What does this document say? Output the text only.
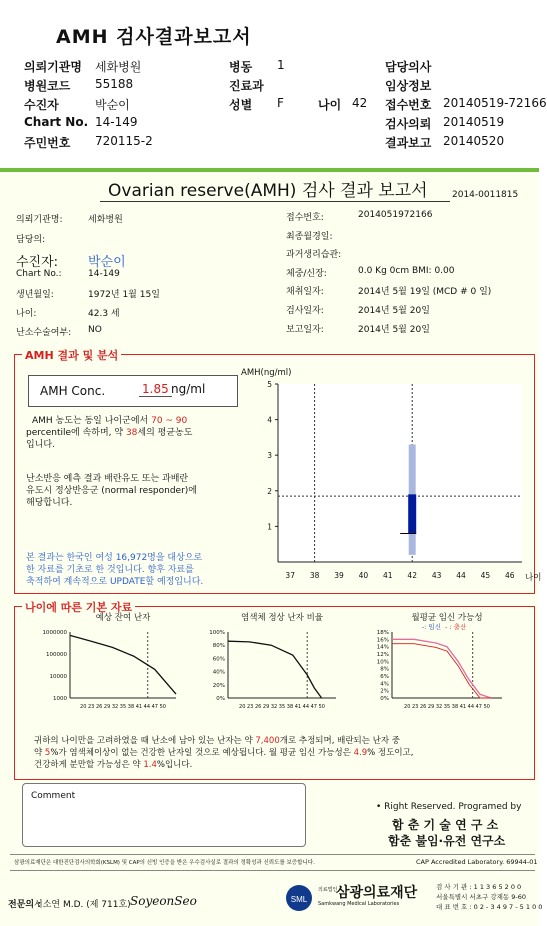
AMH 검사결과보고서
의뢰기관명 세화병원	병동 1	담당의사
병원코드 55188	진료과	임상정보
수진자	박순이	성별 F	나이 42 접수번호 20140519-72166
Chart No. 14-149	검사의뢰 20140519
주민번호 720115-2	결과보고 20140520
Ovarian reserve(AMH) 검사 결과 보고서	2014-0011815
의뢰기관명:	세화병원
담당의:
수진자: 박순이
Chart No.:	14-149
생년월일:	1972년 1월 15일
나이:	42.3 세
난소수술여부: NO
접수번호:	2014051972166
최종월경일:
과거생리습관:
체중/신장:	0.0 Kg 0cm BMI: 0.00
채취일자:	2014년 5월 19일 (MCD # 0 일)
검사일자:	2014년 5월 20일
보고일자:	2014년 5월 20일
AMH 결과 및 분석
AMH Conc.	1.85 ng/ml
AMH 농도는 동일 나이군에서 70 ~ 90
percentile에 속하며, 약 38세의 평균농도
입니다.
난소반응 예측 결과 배란유도 또는 과배란
유도시 정상반응군 (normal responder)에
해당합니다.
본 결과는 한국인 여성 16,972명을 대상으로
한 자료를 기초로 한 것입니다. 향후 자료를
축적하여 계속적으로 UPDATE할 예정입니다.
AMH(ng/ml)
1
2
3
4
5
37 38 39 40 41 42 43 44 45 46 나이
나이에 따른 기본 자료
예상 잔여 난자
1000
10000
100000
1000000
20 23 26 29 32 35 38 41 44 47 50
염색체 정상 난자 비율
0%
20%
40%
60%
80%
100%
20 23 26 29 32 35 38 41 44 47 50
월평균 임신 가능성
-: 임신 - : 출산
0%
2%
4%
6%
8%
10%
12%
14%
16%
18%
20 23 26 29 32 35 38 41 44 47 50
귀하의 나이만을 고려하였을 때 난소에 남아 있는 난자는 약 7,400개로 추정되며, 배란되는 난자 중
약 5%가 염색체이상이 없는 건강한 난자일 것으로 예상됩니다. 월 평균 임신 가능성은 4.9% 정도이고,
건강하게 분만할 가능성은 약 1.4%입니다.
Comment
• Right Reserved. Programed by
함 춘 기 술 연 구 소
함춘 불임·유전 연구소
삼광의료재단은 대한진단검사의학회(KSLM) 및 CAP의 신빙 인증을 받은 우수검사실로 결과의 정확성과 신뢰도를 보증합니다.	CAP Accredited Laboratory. 69944-01
전문의 :
서소연 M.D. (제 711호) SoyeonSeo	SML
의료법인
삼광의료재단
Samkwang Medical Laboratories
검 사 기 관 : 1 1 3 6 5 2 0 0
서울특별시 서초구 강재동 9-60
대 표 번 호 : 0 2 - 3 4 9 7 - 5 1 0 0
